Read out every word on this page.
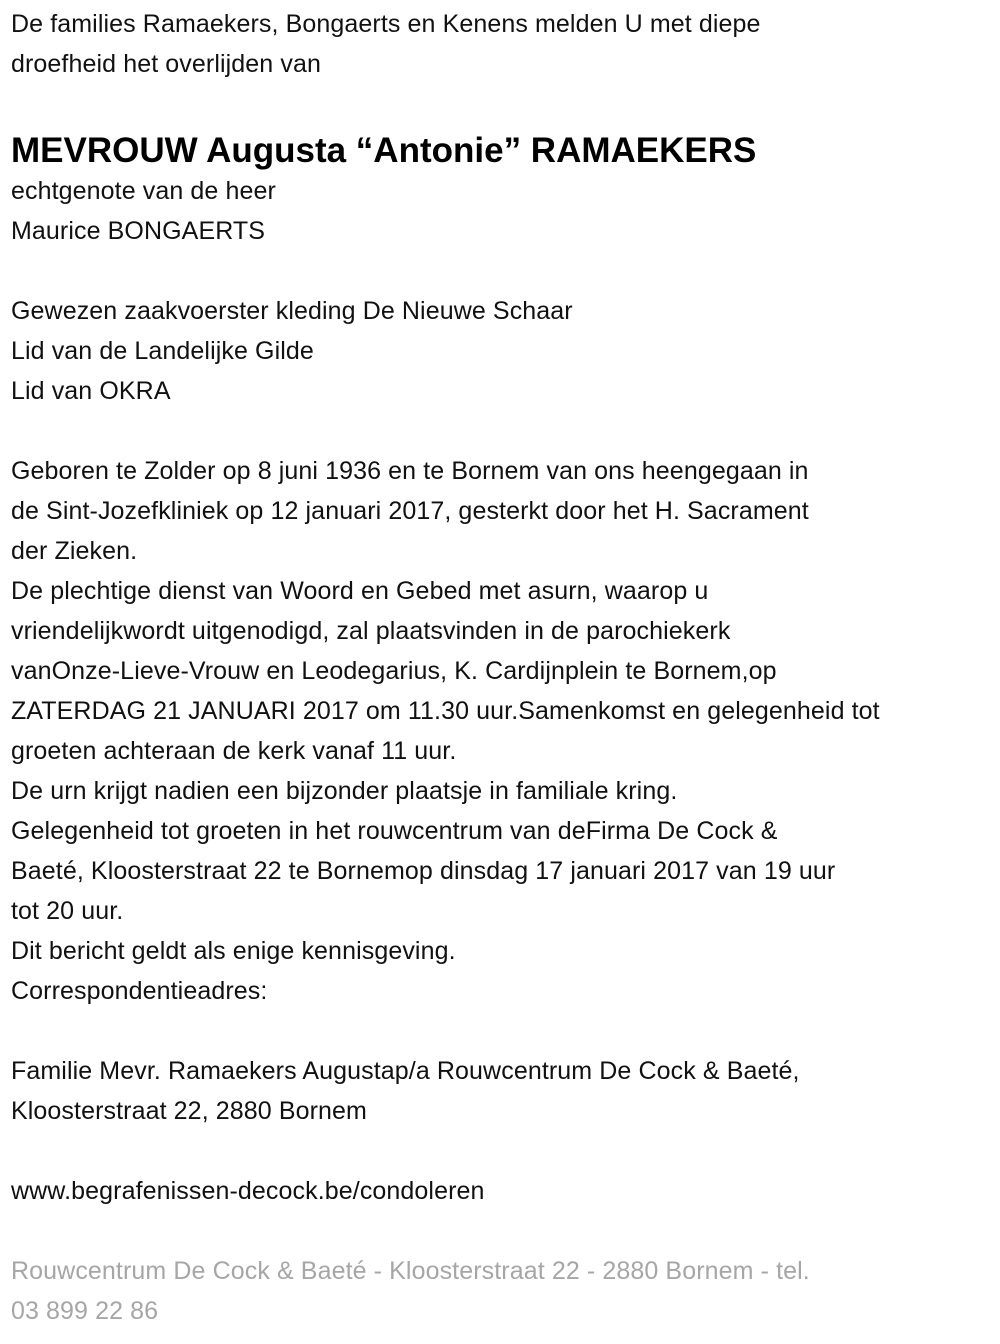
De families Ramaekers, Bongaerts en Kenens melden U met diepe
droefheid het overlijden van
MEVROUW Augusta “Antonie” RAMAEKERS
echtgenote van de heer
Maurice BONGAERTS
Gewezen zaakvoerster kleding De Nieuwe Schaar
Lid van de Landelijke Gilde
Lid van OKRA
Geboren te Zolder op 8 juni 1936 en te Bornem van ons heengegaan in
de Sint-Jozefkliniek op 12 januari 2017, gesterkt door het H. Sacrament
der Zieken.
De plechtige dienst van Woord en Gebed met asurn, waarop u
vriendelijkwordt uitgenodigd, zal plaatsvinden in de parochiekerk
vanOnze-Lieve-Vrouw en Leodegarius, K. Cardijnplein te Bornem,op
ZATERDAG 21 JANUARI 2017 om 11.30 uur.Samenkomst en gelegenheid tot
groeten achteraan de kerk vanaf 11 uur.
De urn krijgt nadien een bijzonder plaatsje in familiale kring.
Gelegenheid tot groeten in het rouwcentrum van deFirma De Cock &
Baeté, Kloosterstraat 22 te Bornemop dinsdag 17 januari 2017 van 19 uur
tot 20 uur.
Dit bericht geldt als enige kennisgeving.
Correspondentieadres:
Familie Mevr. Ramaekers Augustap/a Rouwcentrum De Cock & Baeté,
Kloosterstraat 22, 2880 Bornem
www.begrafenissen-decock.be/condoleren
Rouwcentrum De Cock & Baeté - Kloosterstraat 22 - 2880 Bornem - tel.
03 899 22 86
